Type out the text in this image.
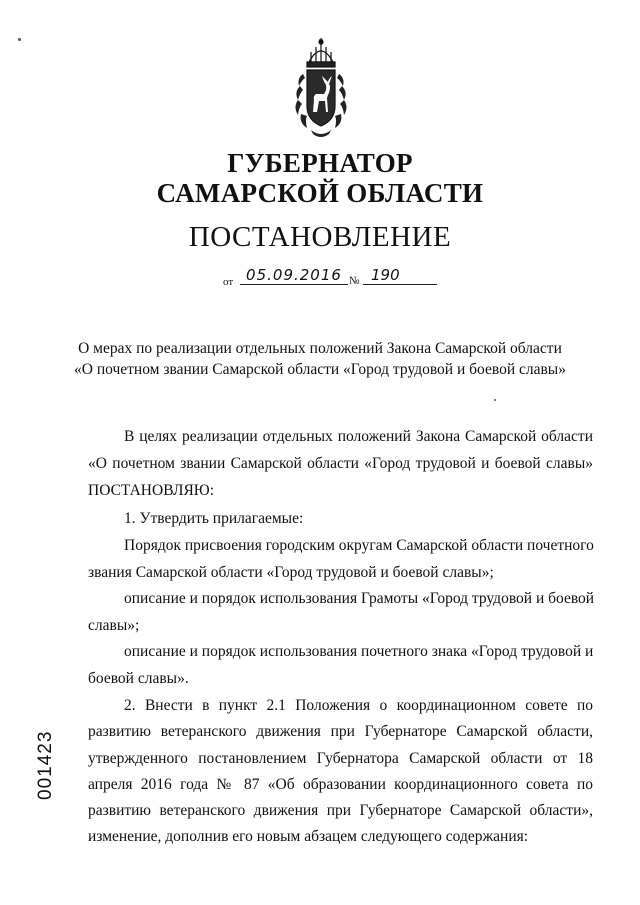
ГУБЕРНАТОР
САМАРСКОЙ ОБЛАСТИ
ПОСТАНОВЛЕНИЕ
от 05.09.2016 № 190
О мерах по реализации отдельных положений Закона Самарской области
«О почетном звании Самарской области «Город трудовой и боевой славы»
В целях реализации отдельных положений Закона Самарской области
«О почетном звании Самарской области «Город трудовой и боевой славы»
ПОСТАНОВЛЯЮ:
1. Утвердить прилагаемые:
Порядок присвоения городским округам Самарской области почетного
звания Самарской области «Город трудовой и боевой славы»;
описание и порядок использования Грамоты «Город трудовой и боевой
славы»;
описание и порядок использования почетного знака «Город трудовой и
боевой славы».
2. Внести в пункт 2.1 Положения о координационном совете по
развитию ветеранского движения при Губернаторе Самарской области,
утвержденного постановлением Губернатора Самарской области от 18
апреля 2016 года № 87 «Об образовании координационного совета по
развитию ветеранского движения при Губернаторе Самарской области»,
изменение, дополнив его новым абзацем следующего содержания:
001423
